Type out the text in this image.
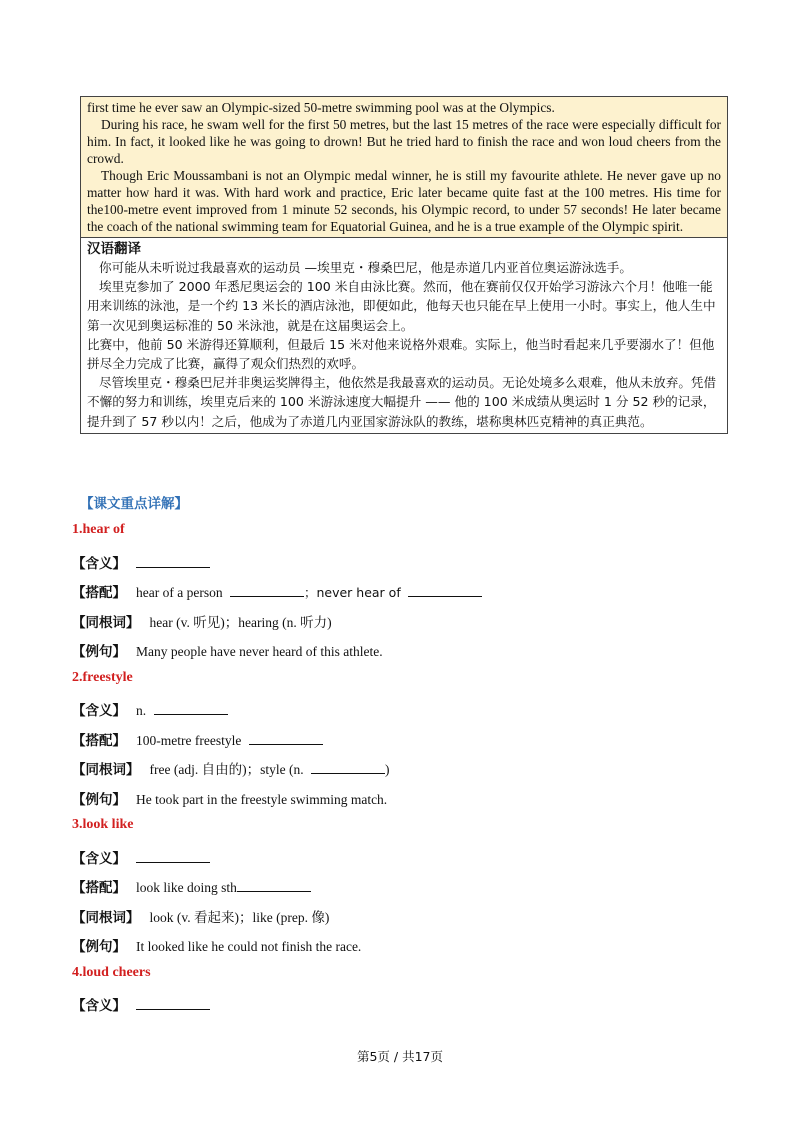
first time he ever saw an Olympic-sized 50-metre swimming pool was at the Olympics.

During his race, he swam well for the first 50 metres, but the last 15 metres of the race were especially difficult for him. In fact, it looked like he was going to drown! But he tried hard to finish the race and won loud cheers from the crowd.

Though Eric Moussambani is not an Olympic medal winner, he is still my favourite athlete. He never gave up no matter how hard it was. With hard work and practice, Eric later became quite fast at the 100 metres. His time for the100-metre event improved from 1 minute 52 seconds, his Olympic record, to under 57 seconds! He later became the coach of the national swimming team for Equatorial Guinea, and he is a true example of the Olympic spirit.

汉语翻译

你可能从未听说过我最喜欢的运动员 —埃里克・穆桑巴尼，他是赤道几内亚首位奥运游泳选手。

埃里克参加了 2000 年悉尼奥运会的 100 米自由泳比赛。然而，他在赛前仅仅开始学习游泳六个月！他唯一能用来训练的泳池，是一个约 13 米长的酒店泳池，即便如此，他每天也只能在早上使用一小时。事实上，他人生中第一次见到奥运标准的 50 米泳池，就是在这届奥运会上。

比赛中，他前 50 米游得还算顺利，但最后 15 米对他来说格外艰难。实际上，他当时看起来几乎要溺水了！但他拼尽全力完成了比赛，赢得了观众们热烈的欢呼。

尽管埃里克・穆桑巴尼并非奥运奖牌得主，他依然是我最喜欢的运动员。无论处境多么艰难，他从未放弃。凭借不懈的努力和训练，埃里克后来的 100 米游泳速度大幅提升 —— 他的 100 米成绩从奥运时 1 分 52 秒的记录，提升到了 57 秒以内！之后，他成为了赤道几内亚国家游泳队的教练，堪称奥林匹克精神的真正典范。

【课文重点详解】
1.hear of
【含义】
【搭配】 hear of a person	；never hear of
【同根词】 hear (v. 听见)；hearing (n. 听力)
【例句】 Many people have never heard of this athlete.
2.freestyle
【含义】 n.
【搭配】 100-metre freestyle
【同根词】 free (adj. 自由的)；style (n.	)
【例句】 He took part in the freestyle swimming match.
3.look like
【含义】
【搭配】 look like doing sth
【同根词】 look (v. 看起来)；like (prep. 像)
【例句】 It looked like he could not finish the race.
4.loud cheers
【含义】
第5页 / 共17页
